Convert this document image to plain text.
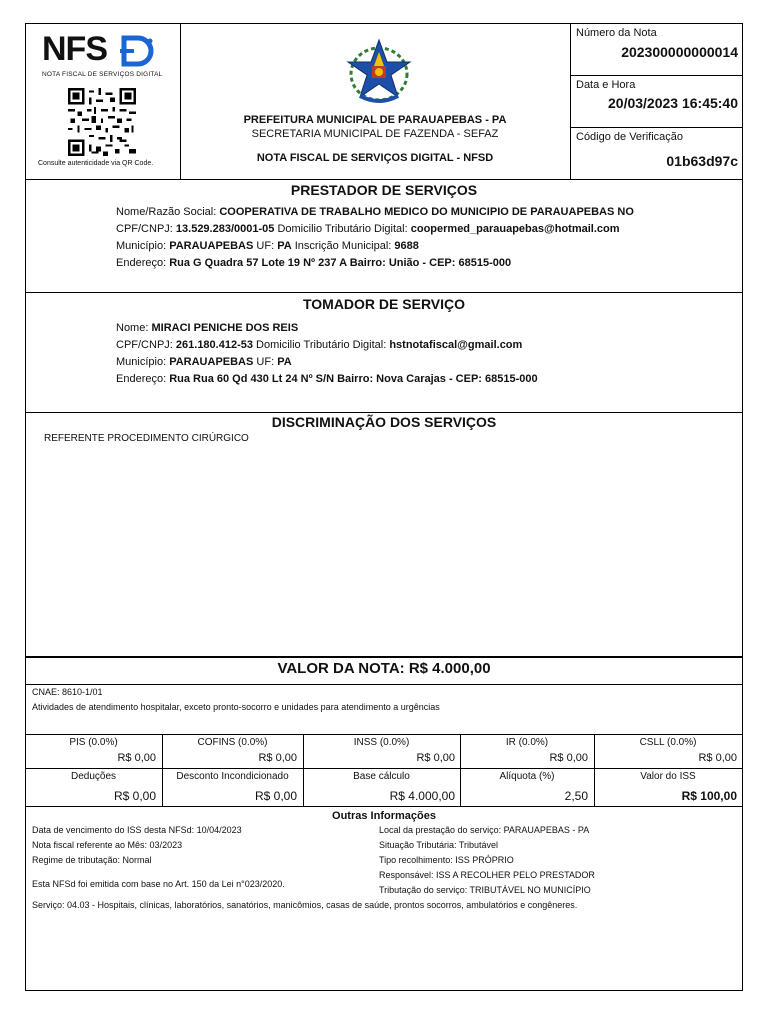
NFS
NOTA FISCAL DE SERVIÇOS DIGITAL
Consulte autenticidade via QR Code.
PREFEITURA MUNICIPAL DE PARAUAPEBAS - PA
SECRETARIA MUNICIPAL DE FAZENDA - SEFAZ
NOTA FISCAL DE SERVIÇOS DIGITAL - NFSD
Número da Nota
202300000000014
Data e Hora
20/03/2023 16:45:40
Código de Verificação
01b63d97c
PRESTADOR DE SERVIÇOS
Nome/Razão Social: COOPERATIVA DE TRABALHO MEDICO DO MUNICIPIO DE PARAUAPEBAS NO
CPF/CNPJ: 13.529.283/0001-05 Domicilio Tributário Digital: coopermed_parauapebas@hotmail.com
Município: PARAUAPEBAS UF: PA Inscrição Municipal: 9688
Endereço: Rua G Quadra 57 Lote 19 Nº 237 A Bairro: União - CEP: 68515-000
TOMADOR DE SERVIÇO
Nome: MIRACI PENICHE DOS REIS
CPF/CNPJ: 261.180.412-53 Domicilio Tributário Digital: hstnotafiscal@gmail.com
Município: PARAUAPEBAS UF: PA
Endereço: Rua Rua 60 Qd 430 Lt 24 Nº S/N Bairro: Nova Carajas - CEP: 68515-000
DISCRIMINAÇÃO DOS SERVIÇOS
REFERENTE PROCEDIMENTO CIRÚRGICO
VALOR DA NOTA: R$ 4.000,00
CNAE: 8610-1/01
Atividades de atendimento hospitalar, exceto pronto-socorro e unidades para atendimento a urgências
PIS (0.0%)
R$ 0,00
COFINS (0.0%)
R$ 0,00
INSS (0.0%)
R$ 0,00
IR (0.0%)
R$ 0,00
CSLL (0.0%)
R$ 0,00
Deduções
R$ 0,00
Desconto Incondicionado
R$ 0,00
Base cálculo
R$ 4.000,00
Alíquota (%)
2,50
Valor do ISS
R$ 100,00
Outras Informações
Data de vencimento do ISS desta NFSd: 10/04/2023
Nota fiscal referente ao Mês: 03/2023
Regime de tributação: Normal
Esta NFSd foi emitida com base no Art. 150 da Lei n°023/2020.
Local da prestação do serviço: PARAUAPEBAS - PA
Situação Tributária: Tributável
Tipo recolhimento: ISS PRÓPRIO
Responsável: ISS A RECOLHER PELO PRESTADOR
Tributação do serviço: TRIBUTÁVEL NO MUNICÍPIO
Serviço: 04.03 - Hospitais, clínicas, laboratórios, sanatórios, manicômios, casas de saúde, prontos socorros, ambulatórios e congêneres.
